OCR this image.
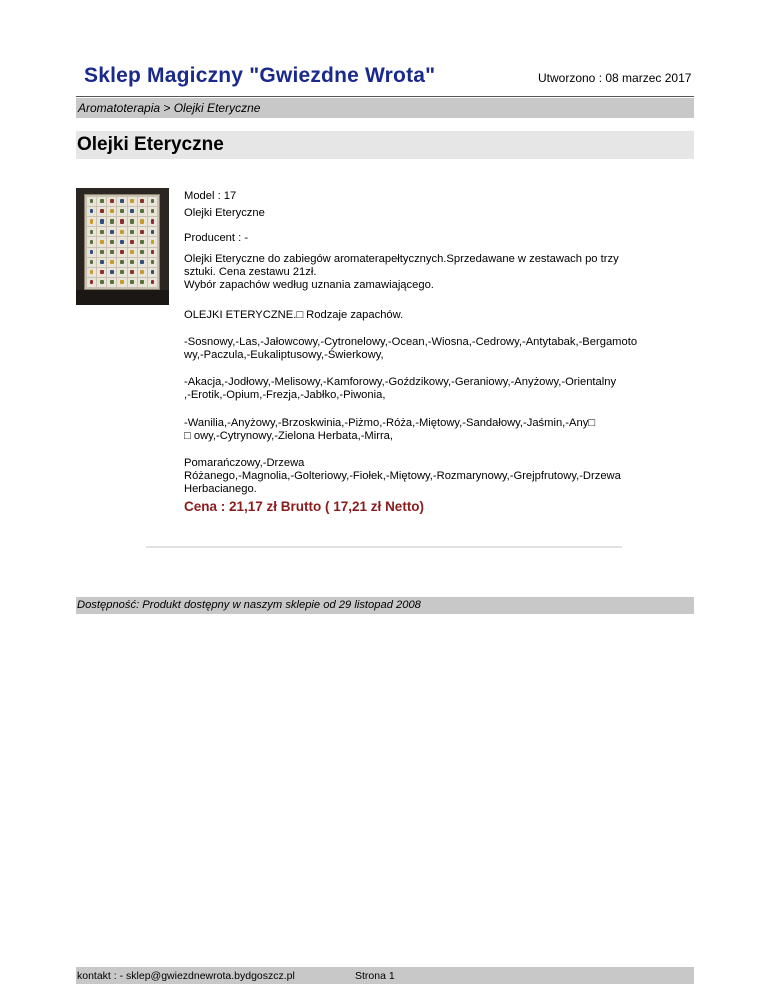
Sklep Magiczny "Gwiezdne Wrota"	Utworzono : 08 marzec 2017
Aromatoterapia > Olejki Eteryczne
Olejki Eteryczne

Model : 17

Olejki Eteryczne

Producent : -

Olejki Eteryczne do zabiegów aromaterapełtycznych.Sprzedawane w zestawach po trzy
sztuki. Cena zestawu 21zł.
Wybór zapachów według uznania zamawiającego.

OLEJKI ETERYCZNE.□ Rodzaje zapachów.

-Sosnowy,-Las,-Jałowcowy,-Cytronelowy,-Ocean,-Wiosna,-Cedrowy,-Antytabak,-Bergamoto
wy,-Paczula,-Eukaliptusowy,-Świerkowy,

-Akacja,-Jodłowy,-Melisowy,-Kamforowy,-Goździkowy,-Geraniowy,-Anyżowy,-Orientalny
,-Erotik,-Opium,-Frezja,-Jabłko,-Piwonia,

-Wanilia,-Anyżowy,-Brzoskwinia,-Piżmo,-Róża,-Miętowy,-Sandałowy,-Jaśmin,-Any□
□ owy,-Cytrynowy,-Zielona Herbata,-Mirra,

Pomarańczowy,-Drzewa
Różanego,-Magnolia,-Golteriowy,-Fiołek,-Miętowy,-Rozmarynowy,-Grejpfrutowy,-Drzewa
Herbacianego.

Cena : 21,17 zł Brutto ( 17,21 zł Netto)
Dostępność: Produkt dostępny w naszym sklepie od 29 listopad 2008
kontakt : - sklep@gwiezdnewrota.bydgoszcz.pl	Strona 1
